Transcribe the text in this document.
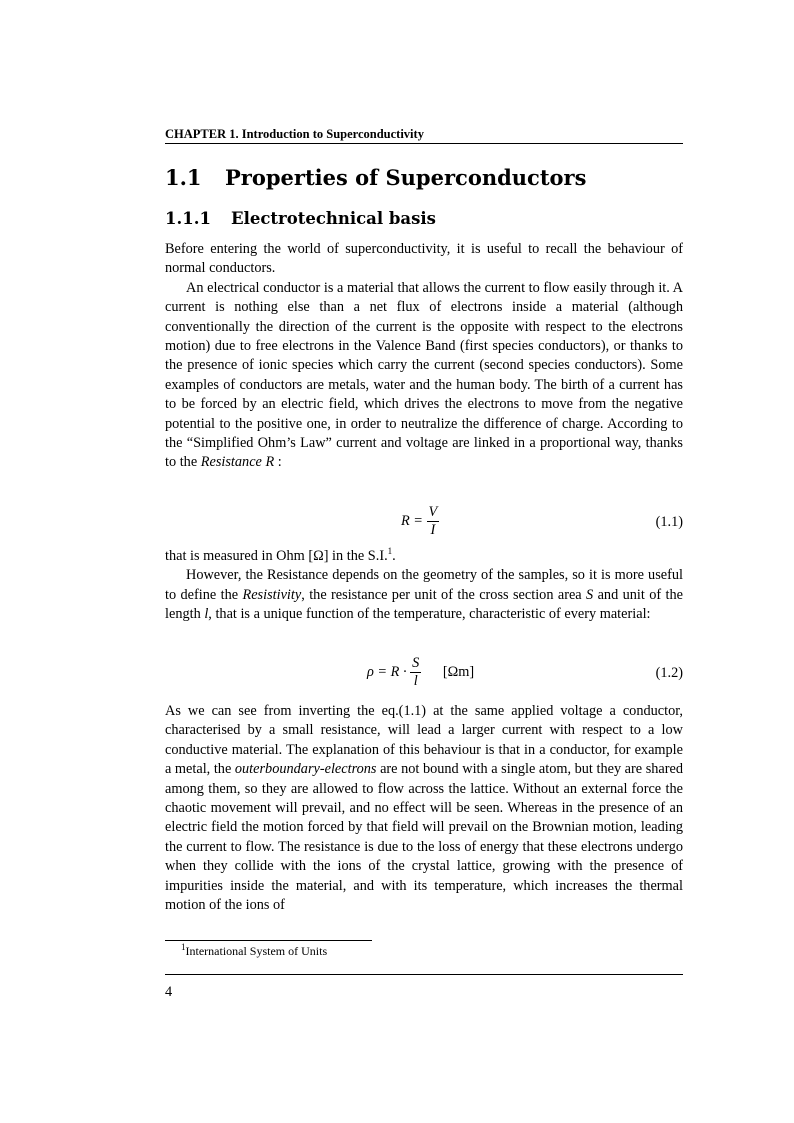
CHAPTER 1. Introduction to Superconductivity
1.1 Properties of Superconductors
1.1.1 Electrotechnical basis

Before entering the world of superconductivity, it is useful to recall the behaviour of normal conductors.

An electrical conductor is a material that allows the current to flow easily through it. A current is nothing else than a net flux of electrons inside a material (although conventionally the direction of the current is the opposite with respect to the electrons motion) due to free electrons in the Valence Band (first species conductors), or thanks to the presence of ionic species which carry the current (second species conductors). Some examples of conductors are metals, water and the human body. The birth of a current has to be forced by an electric field, which drives the electrons to move from the negative potential to the positive one, in order to neutralize the difference of charge. According to the “Simplified Ohm’s Law” current and voltage are linked in a proportional way, thanks to the Resistance R :

$R = \frac{V}{I}$	(1.1)

that is measured in Ohm [Ω] in the S.I.$^1$.

However, the Resistance depends on the geometry of the samples, so it is more useful to define the Resistivity, the resistance per unit of the cross section area S and unit of the length l, that is a unique function of the temperature, characteristic of every material:

$\rho = R \cdot \frac{S}{l} [\Omega m]$	(1.2)

As we can see from inverting the eq.(1.1) at the same applied voltage a conductor, characterised by a small resistance, will lead a larger current with respect to a low conductive material. The explanation of this behaviour is that in a conductor, for example a metal, the outerboundary-electrons are not bound with a single atom, but they are shared among them, so they are allowed to flow across the lattice. Without an external force the chaotic movement will prevail, and no effect will be seen. Whereas in the presence of an electric field the motion forced by that field will prevail on the Brownian motion, leading the current to flow. The resistance is due to the loss of energy that these electrons undergo when they collide with the ions of the crystal lattice, growing with the presence of impurities inside the material, and with its temperature, which increases the thermal motion of the ions of

$^1$International System of Units
4
